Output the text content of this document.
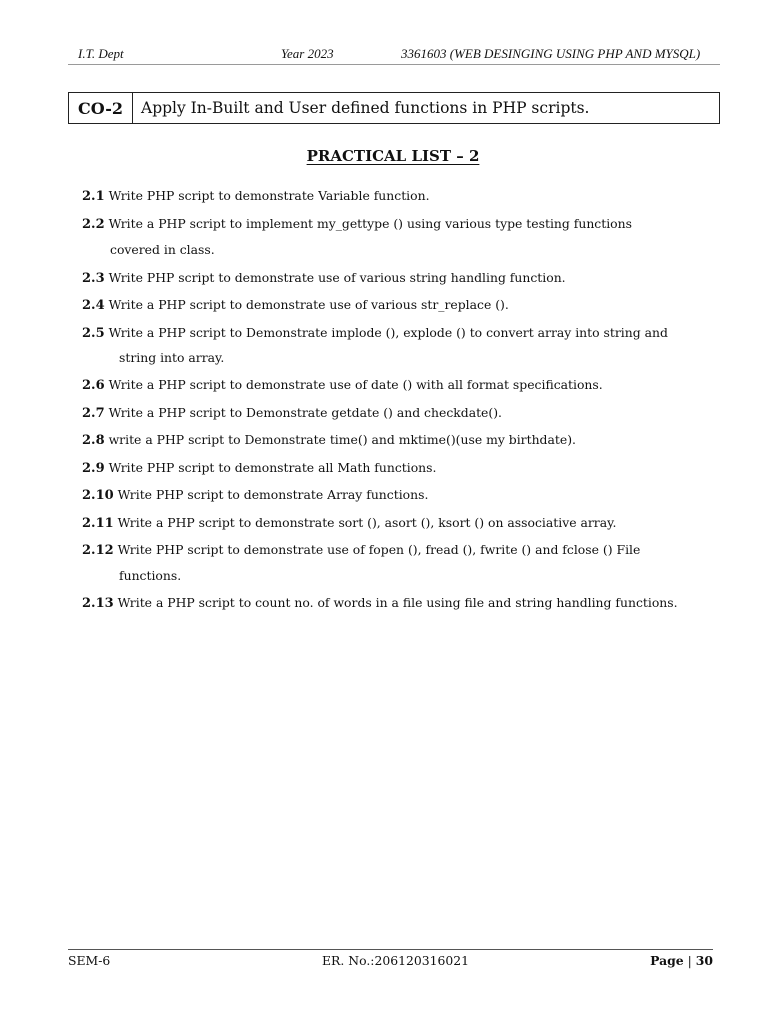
I.T. Dept	Year 2023	3361603 (WEB DESINGING USING PHP AND MYSQL)
CO-2	Apply In-Built and User defined functions in PHP scripts.
PRACTICAL LIST – 2
2.1 Write PHP script to demonstrate Variable function.
2.2 Write a PHP script to implement my_gettype () using various type testing functions
covered in class.
2.3 Write PHP script to demonstrate use of various string handling function.
2.4 Write a PHP script to demonstrate use of various str_replace ().
2.5 Write a PHP script to Demonstrate implode (), explode () to convert array into string and
string into array.
2.6 Write a PHP script to demonstrate use of date () with all format specifications.
2.7 Write a PHP script to Demonstrate getdate () and checkdate().
2.8 write a PHP script to Demonstrate time() and mktime()(use my birthdate).
2.9 Write PHP script to demonstrate all Math functions.
2.10 Write PHP script to demonstrate Array functions.
2.11 Write a PHP script to demonstrate sort (), asort (), ksort () on associative array.
2.12 Write PHP script to demonstrate use of fopen (), fread (), fwrite () and fclose () File
functions.
2.13 Write a PHP script to count no. of words in a file using file and string handling functions.
SEM-6	ER. No.:206120316021	Page | 30
